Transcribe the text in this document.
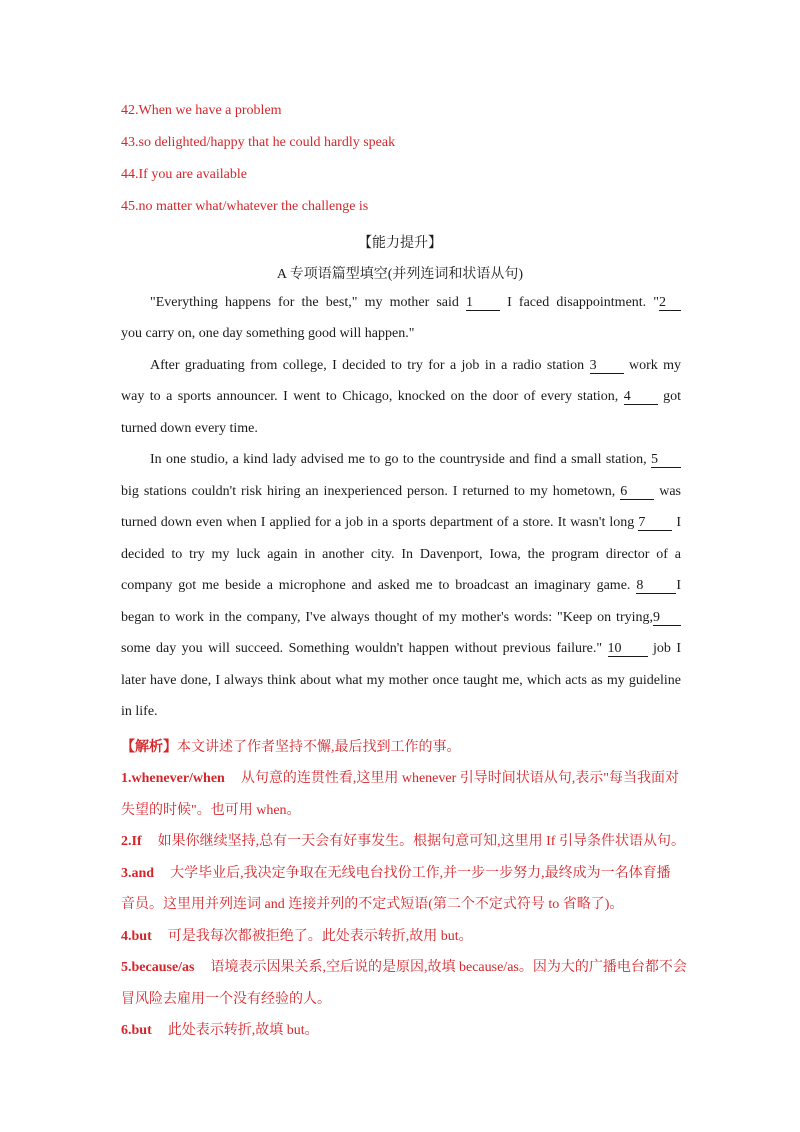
42.When we have a problem
43.so delighted/happy that he could hardly speak
44.If you are available
45.no matter what/whatever the challenge is
【能力提升】
A 专项语篇型填空(并列连词和状语从句)
"Everything happens for the best," my mother said 1 I faced disappointment. "2
you carry on, one day something good will happen."
After graduating from college, I decided to try for a job in a radio station 3 work my
way to a sports announcer. I went to Chicago, knocked on the door of every station, 4 got
turned down every time.
In one studio, a kind lady advised me to go to the countryside and find a small station, 5
big stations couldn't risk hiring an inexperienced person. I returned to my hometown, 6 was
turned down even when I applied for a job in a sports department of a store. It wasn't long 7 I
decided to try my luck again in another city. In Davenport, Iowa, the program director of a
company got me beside a microphone and asked me to broadcast an imaginary game. 8 I
began to work in the company, I've always thought of my mother's words: "Keep on trying,9
some day you will succeed. Something wouldn't happen without previous failure." 10 job I
later have done, I always think about what my mother once taught me, which acts as my guideline
in life.
【解析】本文讲述了作者坚持不懈,最后找到工作的事。
1.whenever/when 从句意的连贯性看,这里用 whenever 引导时间状语从句,表示"每当我面对
失望的时候"。也可用 when。
2.If 如果你继续坚持,总有一天会有好事发生。根据句意可知,这里用 If 引导条件状语从句。
3.and 大学毕业后,我决定争取在无线电台找份工作,并一步一步努力,最终成为一名体育播
音员。这里用并列连词 and 连接并列的不定式短语(第二个不定式符号 to 省略了)。
4.but 可是我每次都被拒绝了。此处表示转折,故用 but。
5.because/as 语境表示因果关系,空后说的是原因,故填 because/as。因为大的广播电台都不会
冒风险去雇用一个没有经验的人。
6.but 此处表示转折,故填 but。
